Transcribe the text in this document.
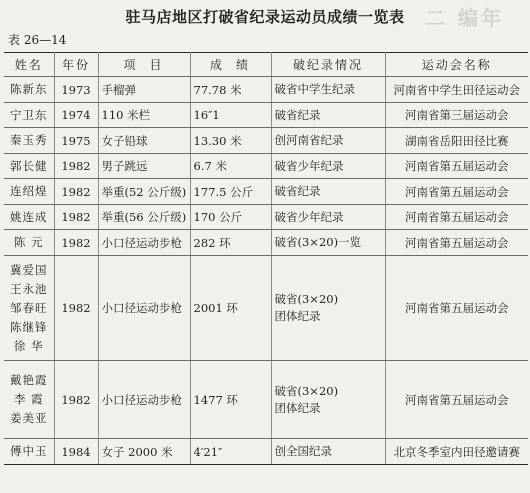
二 编年
驻马店地区打破省纪录运动员成绩一览表
表 26—14
姓名	年份	项目	成绩	破纪录情况	运动会名称

陈新东	1973	手榴弹	77.78 米	破省中学生纪录	河南省中学生田径运动会

宁卫东	1974	110 米栏	16″1	破省纪录	河南省第三届运动会

秦玉秀	1975	女子铅球	13.30 米	创河南省纪录	湖南省岳阳田径比赛

郭长健	1982	男子跳远	6.7 米	破省少年纪录	河南省第五届运动会

连绍煌	1982	举重(52 公斤级)	177.5 公斤	破省纪录	河南省第五届运动会

姚连成	1982	举重(56 公斤级)	170 公斤	破省少年纪录	河南省第五届运动会

陈 元	1982	小口径运动步枪	282 环	破省(3×20)一览	河南省第五届运动会

冀爱国
王永池
邹春旺
陈继锋
徐 华	1982	小口径运动步枪	2001 环	破省(3×20)
团体纪录	河南省第五届运动会

戴艳霞
李 霞
姜美亚	1982	小口径运动步枪	1477 环	破省(3×20)
团体纪录	河南省第五届运动会

傅中玉	1984	女子 2000 米	4′21″	创全国纪录	北京冬季室内田径邀请赛
